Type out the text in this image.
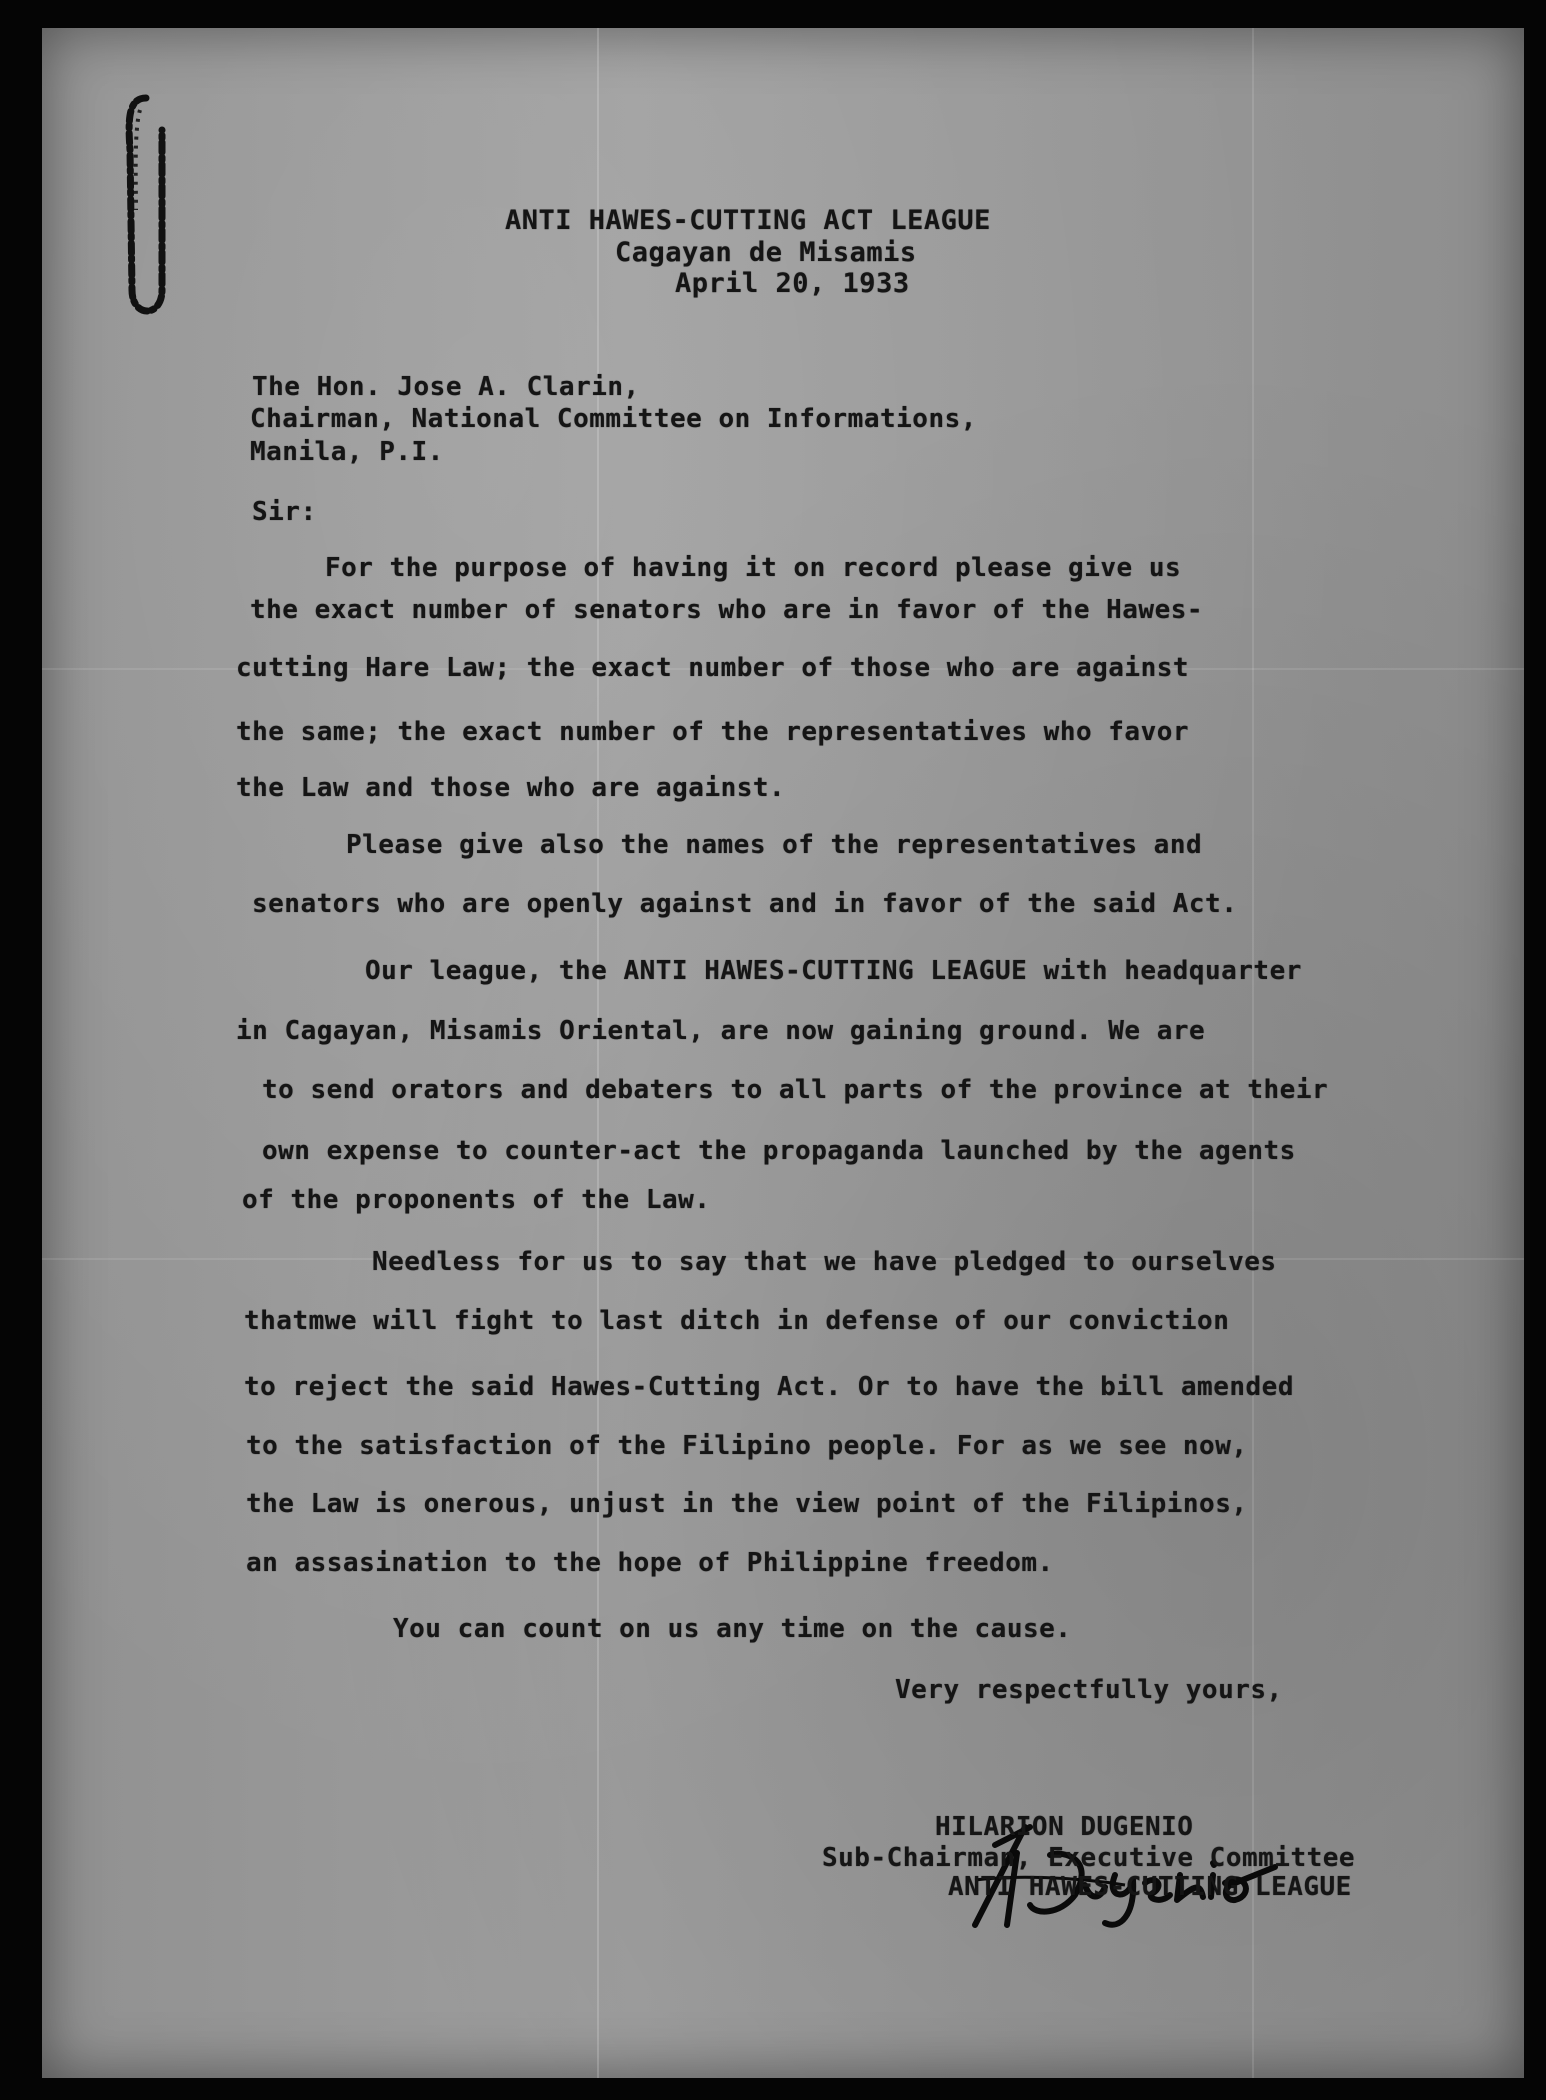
ANTI HAWES-CUTTING ACT LEAGUE
Cagayan de Misamis
April 20, 1933
The Hon. Jose A. Clarin,
Chairman, National Committee on Informations,
Manila, P.I.
Sir:
For the purpose of having it on record please give us
the exact number of senators who are in favor of the Hawes-
cutting Hare Law; the exact number of those who are against
the same; the exact number of the representatives who favor
the Law and those who are against.
Please give also the names of the representatives and
senators who are openly against and in favor of the said Act.
Our league, the ANTI HAWES-CUTTING LEAGUE with headquarter
in Cagayan, Misamis Oriental, are now gaining ground. We are
to send orators and debaters to all parts of the province at their
own expense to counter-act the propaganda launched by the agents
of the proponents of the Law.
Needless for us to say that we have pledged to ourselves
thatmwe will fight to last ditch in defense of our conviction
to reject the said Hawes-Cutting Act. Or to have the bill amended
to the satisfaction of the Filipino people. For as we see now,
the Law is onerous, unjust in the view point of the Filipinos,
an assasination to the hope of Philippine freedom.
You can count on us any time on the cause.
Very respectfully yours,
HILARION DUGENIO
Sub-Chairman, Executive Committee
ANTI HAWES-CUTTING LEAGUE
